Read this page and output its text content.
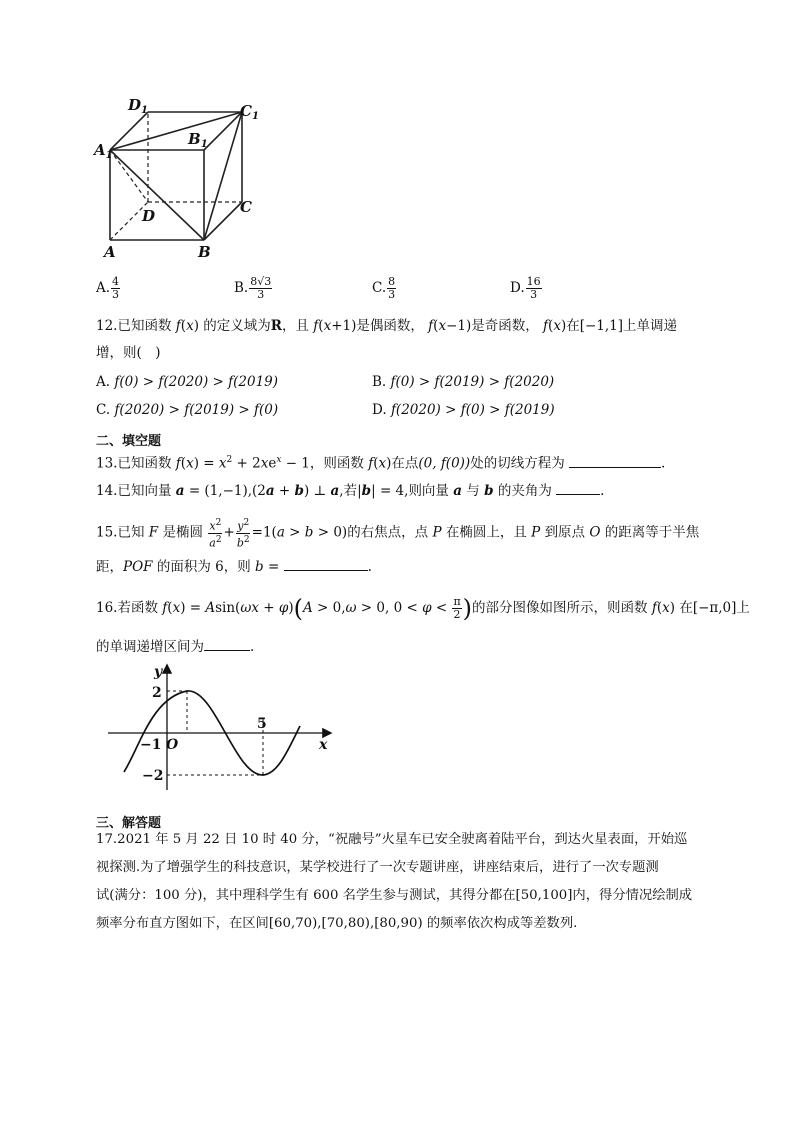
$D_1$	$C_1$
$A_1$
$B_1$
D	C
A	B
A. $\frac{4}{3}$	B. $\frac{8√3}{3}$	C. $\frac{8}{3}$	D. $\frac{16}{3}$
12.已知函数 f(x) 的定义域为R，且 f(x+1)是偶函数， f(x−1)是奇函数， f(x)在[−1,1]上单调递
增，则(　)
A. f(0) > f(2020) > f(2019)	B. f(0) > f(2019) > f(2020)
C. f(2020) > f(2019) > f(0)	D. f(2020) > f(0) > f(2019)
二、填空题
13.已知函数 $f(x) = x^2 + 2xe^x - 1$，则函数 f(x)在点(0, f(0))处的切线方程为	.
14.已知向量 a = (1,−1),(2a + b) ⊥ a,若|b| = 4,则向量 a 与 b 的夹角为	.
15.已知 F 是椭圆 $\frac{x^2}{a^2} + \frac{y^2}{b^2} =1(a > b > 0)$的右焦点，点 P 在椭圆上，且 P 到原点 O 的距离等于半焦
距，POF 的面积为 6，则 b =	.
16.若函数 f(x) = Asin(ωx + φ)(A > 0,ω > 0, $0 < \varphi < \frac{\pi}{2}$ )的部分图像如图所示，则函数 f(x) 在[−π,0]上
的单调递增区间为	.
y
x
O
2
−2
−1
5
三、解答题
17.2021 年 5 月 22 日 10 时 40 分，“祝融号”火星车已安全驶离着陆平台，到达火星表面，开始巡
视探测.为了增强学生的科技意识，某学校进行了一次专题讲座，讲座结束后，进行了一次专题测
试(满分：100 分)，其中理科学生有 600 名学生参与测试，其得分都在[50,100]内，得分情况绘制成
频率分布直方图如下，在区间[60,70),[70,80),[80,90) 的频率依次构成等差数列.
